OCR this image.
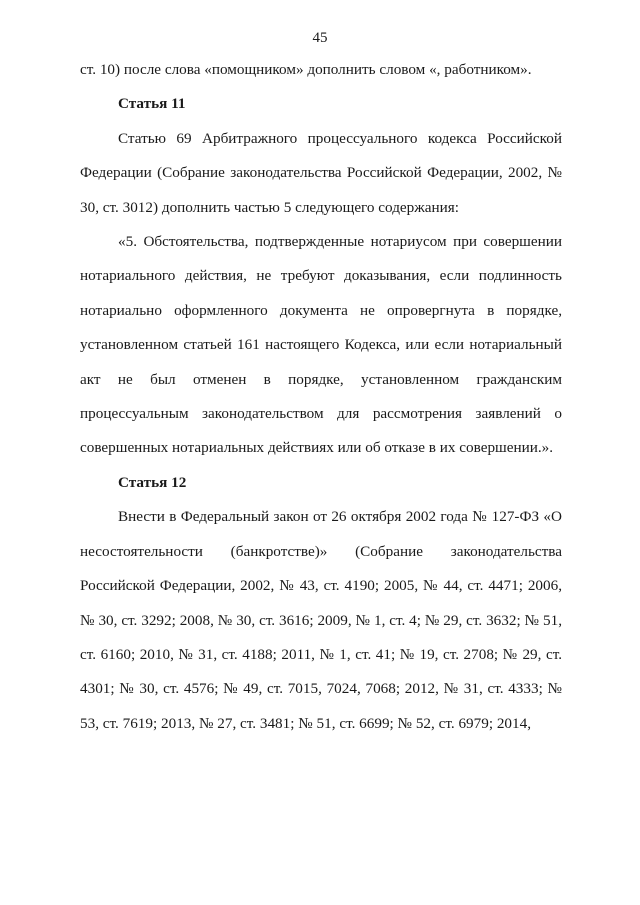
45

ст. 10) после слова «помощником» дополнить словом «, работником».

Статья 11

Статью 69 Арбитражного процессуального кодекса Российской Федерации (Собрание законодательства Российской Федерации, 2002, № 30, ст. 3012) дополнить частью 5 следующего содержания:

«5. Обстоятельства, подтвержденные нотариусом при совершении нотариального действия, не требуют доказывания, если подлинность нотариально оформленного документа не опровергнута в порядке, установленном статьей 161 настоящего Кодекса, или если нотариальный акт не был отменен в порядке, установленном гражданским процессуальным законодательством для рассмотрения заявлений о совершенных нотариальных действиях или об отказе в их совершении.».

Статья 12

Внести в Федеральный закон от 26 октября 2002 года № 127-ФЗ «О несостоятельности (банкротстве)» (Собрание законодательства Российской Федерации, 2002, № 43, ст. 4190; 2005, № 44, ст. 4471; 2006, № 30, ст. 3292; 2008, № 30, ст. 3616; 2009, № 1, ст. 4; № 29, ст. 3632; № 51, ст. 6160; 2010, № 31, ст. 4188; 2011, № 1, ст. 41; № 19, ст. 2708; № 29, ст. 4301; № 30, ст. 4576; № 49, ст. 7015, 7024, 7068; 2012, № 31, ст. 4333; № 53, ст. 7619; 2013, № 27, ст. 3481; № 51, ст. 6699; № 52, ст. 6979; 2014,
